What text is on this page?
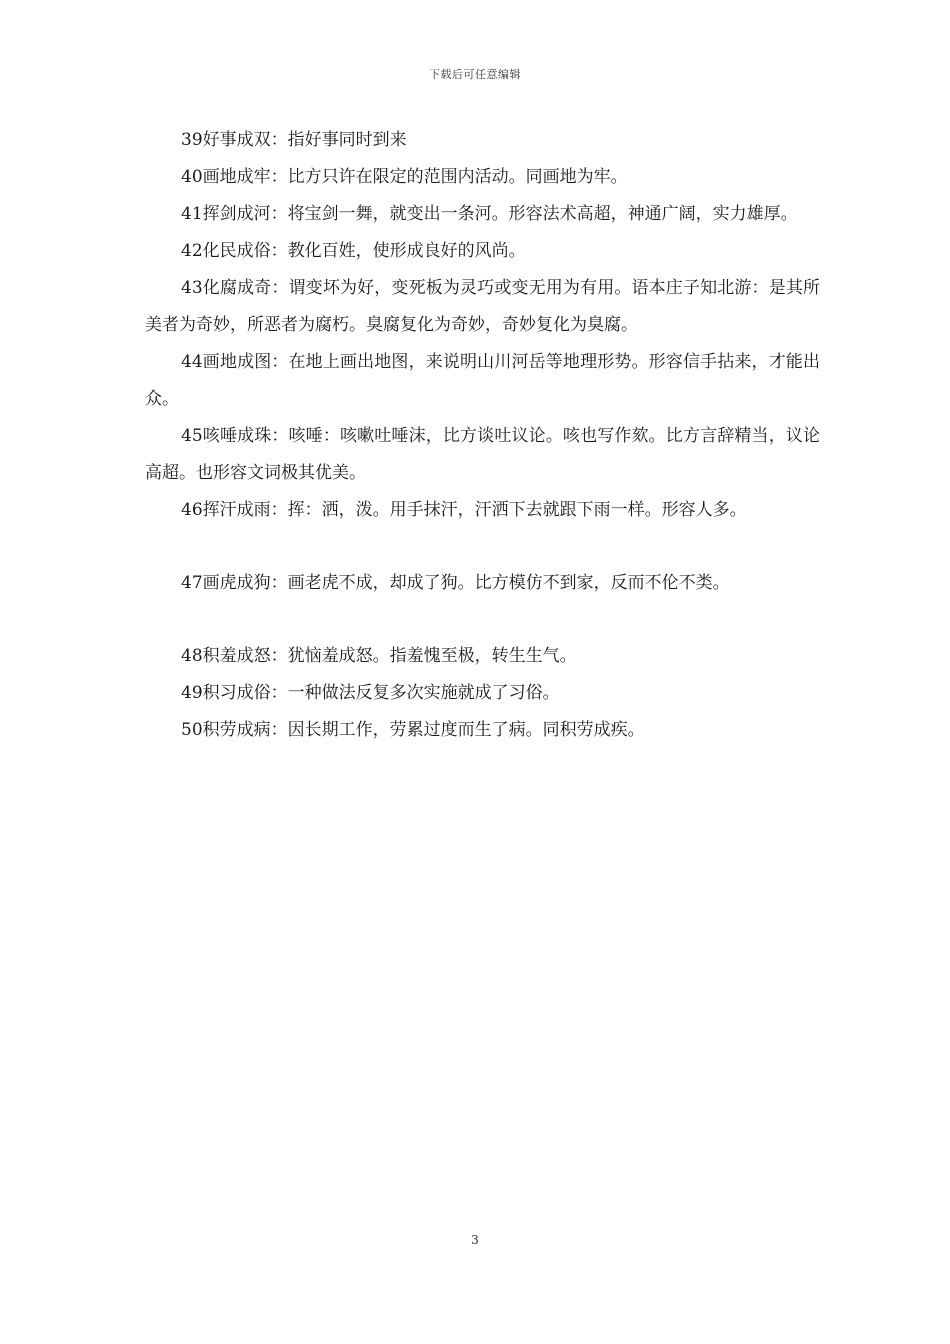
下载后可任意编辑

39好事成双：指好事同时到来

40画地成牢：比方只许在限定的范围内活动。同画地为牢。

41挥剑成河：将宝剑一舞，就变出一条河。形容法术高超，神通广阔，实力雄厚。

42化民成俗：教化百姓，使形成良好的风尚。

43化腐成奇：谓变坏为好，变死板为灵巧或变无用为有用。语本庄子知北游：是其所美者为奇妙，所恶者为腐朽。臭腐复化为奇妙，奇妙复化为臭腐。

44画地成图：在地上画出地图，来说明山川河岳等地理形势。形容信手拈来，才能出众。

45咳唾成珠：咳唾：咳嗽吐唾沫，比方谈吐议论。咳也写作欬。比方言辞精当，议论高超。也形容文词极其优美。

46挥汗成雨：挥：洒，泼。用手抹汗，汗洒下去就跟下雨一样。形容人多。

47画虎成狗：画老虎不成，却成了狗。比方模仿不到家，反而不伦不类。

48积羞成怒：犹恼羞成怒。指羞愧至极，转生生气。

49积习成俗：一种做法反复多次实施就成了习俗。

50积劳成病：因长期工作，劳累过度而生了病。同积劳成疾。

3
